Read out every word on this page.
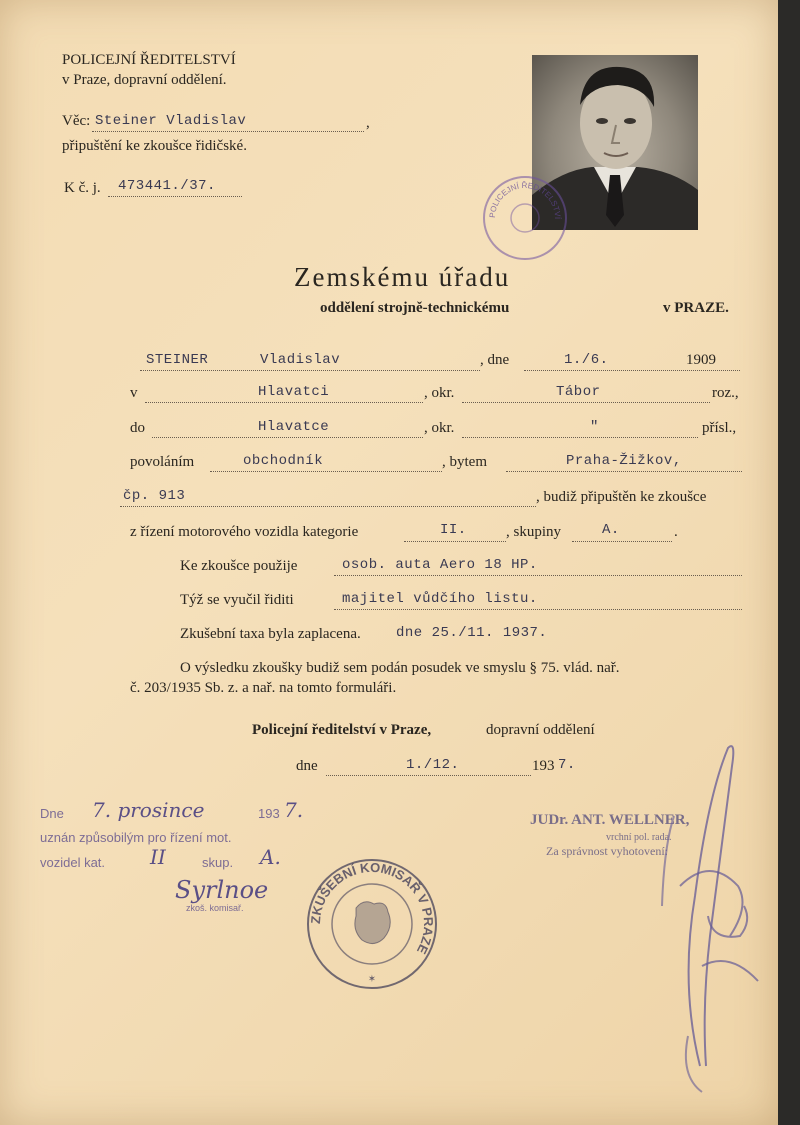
POLICEJNÍ ŘEDITELSTVÍ
v Praze, dopravní oddělení.
Věc: Steiner Vladislav	,
připuštění ke zkoušce řidičské.
K č. j. 473441./37.
POLICEJNÍ ŘEDITELSTVÍ
Zemskému úřadu
oddělení strojně-technickému	v PRAZE.
STEINER	Vladislav	, dne	1./6.	1909
v	Hlavatci	, okr.	Tábor	roz.,
do	Hlavatce	, okr.	"	přísl.,
povoláním	obchodník	, bytem	Praha-Žižkov,
čp. 913	, budiž připuštěn ke zkoušce
z řízení motorového vozidla kategorie	II.	, skupiny	A.	.
Ke zkoušce použije	osob. auta Aero 18 HP.
Týž se vyučil řiditi	majitel vůdčího listu.
Zkušební taxa byla zaplacena.	dne 25./11. 1937.
O výsledku zkoušky budiž sem podán posudek ve smyslu § 75. vlád. nař.
č. 203/1935 Sb. z. a nař. na tomto formuláři.
Policejní ředitelství v Praze,	dopravní oddělení
dne	1./12.	193 7.
Dne 7. prosince	193 7.
uznán způsobilým pro řízení mot.
vozidel kat. II	skup. A.
Syrlnoe
zkoš. komisař.
ZKUŠEBNÍ KOMISAŘ V PRAZE
✶
JUDr. ANT. WELLNER,
vrchní pol. rada.
Za správnost vyhotovení:
